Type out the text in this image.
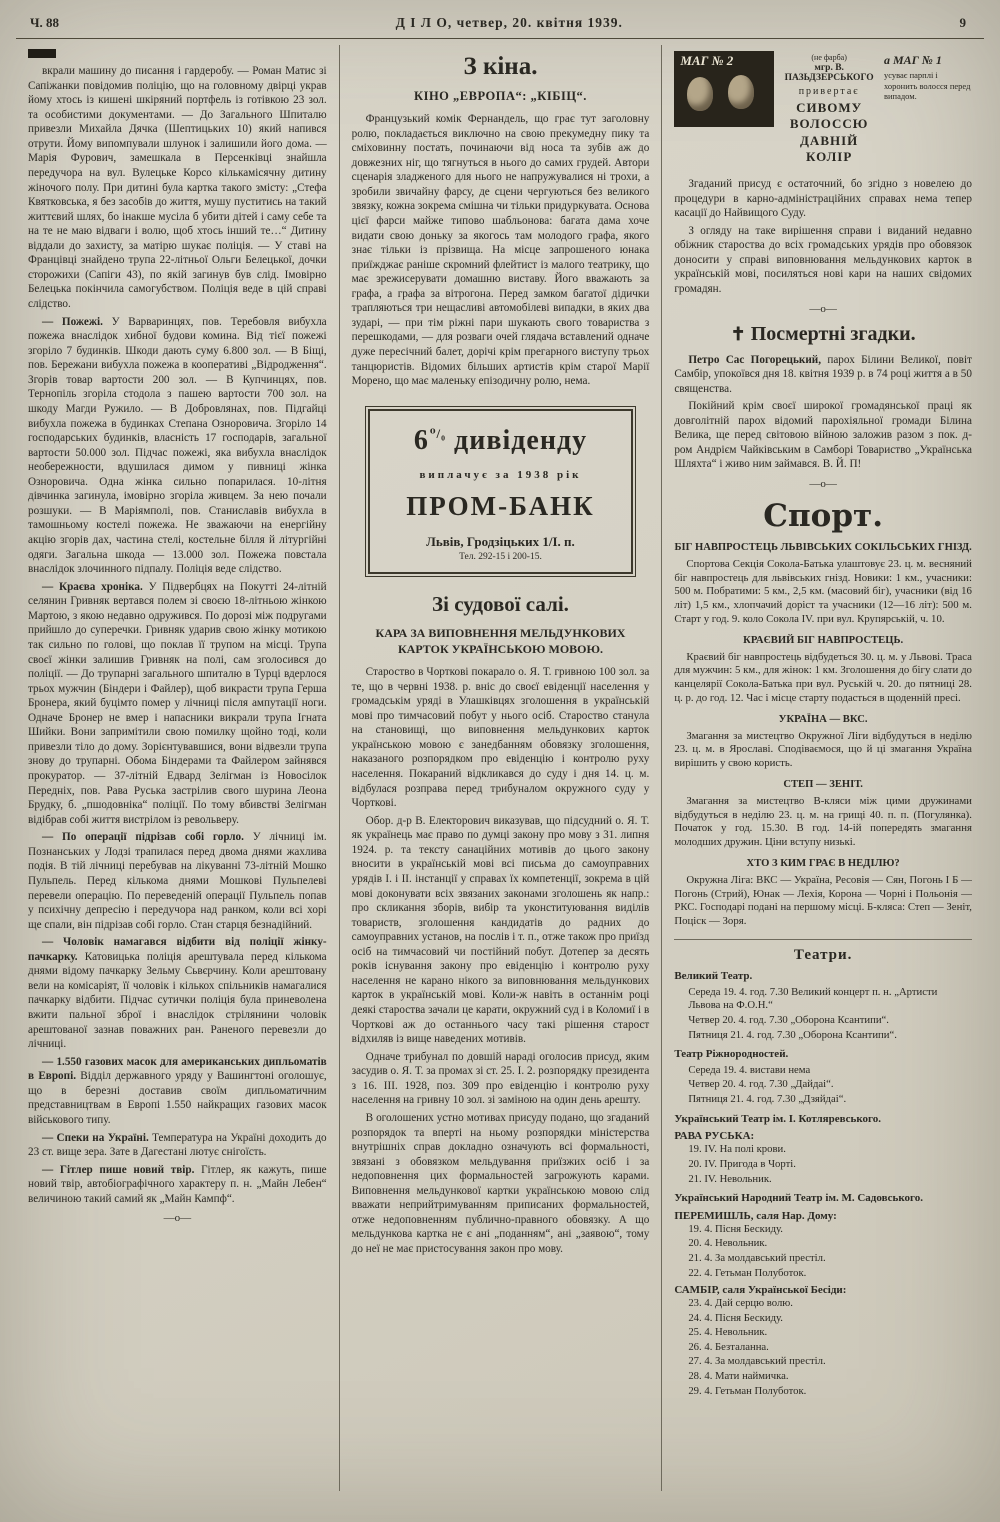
Ч. 88	Д І Л О, четвер, 20. квітня 1939.	9

вкрали машину до писання і гардеробу. — Роман Матис зі Сапіжанки повідомив поліцію, що на головному двірці украв йому хтось із кишені шкіряний портфель із готівкою 23 зол. та особистими документами. — До Загального Шпиталю привезли Михайла Дячка (Шептицьких 10) який напився отрути. Йому випомпували шлунок і залишили його дома. — Марія Фурович, замешкала в Персенківці знайшла передучора на вул. Вулецьке Корсо кількамісячну дитину жіночого полу. При дитині була картка такого змісту: „Стефа Квятковська, я без засобів до життя, мушу пуститись на такий життєвий шлях, бо інакше мусіла б убити дітей і саму себе та на те не маю відваги і волю, щоб хтось інший те…“ Дитину віддали до захисту, за матірю шукає поліція. — У ставі на Францівці знайдено трупа 22-літньої Ольги Белецької, дочки сторожихи (Сапіги 43), по якій загинув був слід. Імовірно Белецька покінчила самогубством. Поліція веде в цій справі слідство.

— Пожежі. У Варваринцях, пов. Теребовля вибухла пожежа внаслідок хибної будови комина. Від тієї пожежі згоріло 7 будинків. Шкоди дають суму 6.800 зол. — В Біщі, пов. Бережани вибухла пожежа в кооперативі „Відродження“. Згорів товар вартости 200 зол. — В Купчинцях, пов. Тернопіль згоріла стодола з пашею вартости 700 зол. на шкоду Магди Ружило. — В Добровлянах, пов. Підгайці вибухла пожежа в будинках Степана Озноровича. Згоріло 14 господарських будинків, власність 17 господарів, загальної вартости 50.000 зол. Підчас пожежі, яка вибухла внаслідок необережности, вдушилася димом у пивниці жінка Озноровича. Одна жінка сильно попарилася. 10-літня дівчинка загинула, імовірно згоріла живцем. За нею почали розшуки. — В Маріямполі, пов. Станиславів вибухла в тамошньому костелі пожежа. Не зважаючи на енергійну акцію згорів дах, частина стелі, костельне білля й літургійні одяги. Загальна шкода — 13.000 зол. Пожежа повстала внаслідок злочинного підпалу. Поліція веде слідство.

— Краєва хроніка. У Підвербцях на Покутті 24-літній селянин Гривняк вертався полем зі своєю 18-літньою жінкою Мартою, з якою недавно одружився. По дорозі між подругами прийшло до суперечки. Гривняк ударив свою жінку мотикою так сильно по голові, що поклав її трупом на місці. Трупа своєї жінки залишив Гривняк на полі, сам зголосився до поліції. — До трупарні загального шпиталю в Турці вдерлося трьох мужчин (Біндери і Файлер), щоб викрасти трупа Герша Бронера, який буцімто помер у лічниці після ампутації ноги. Одначе Бронер не вмер і напасники викрали трупа Ігната Шийки. Вони запримітили свою помилку щойно тоді, коли привезли тіло до дому. Зорієнтувавшися, вони відвезли трупа знову до трупарні. Обома Біндерами та Файлером зайнявся прокуратор. — 37-літній Едвард Зелігман із Новосілок Передніх, пов. Рава Руська застрілив свого шурина Леона Брудку, б. „пшодовніка“ поліції. По тому вбивстві Зелігман відібрав собі життя вистрілом із револьверу.

— По операції підрізав собі горло. У лічниці ім. Познанських у Лодзі трапилася перед двома днями жахлива подія. В тій лічниці перебував на лікуванні 73-літній Мошко Пульпель. Перед кількома днями Мошкові Пульпелеві перевели операцію. По переведеній операції Пульпель попав у психічну депресію і передучора над ранком, коли всі хорі ще спали, він підрізав собі горло. Стан старця безнадійний.

— Чоловік намагався відбити від поліції жінку-пачкарку. Катовицька поліція арештувала перед кількома днями відому пачкарку Зельму Сьвєрчину. Коли арештовану вели на комісаріят, її чоловік і кількох спільників намагалися пачкарку відбити. Підчас сутички поліція була приневолена вжити пальної зброї і внаслідок стрілянини чоловік арештованої зазнав поважних ран. Раненого перевезли до лічниці.

— 1.550 газових масок для американських дипльоматів в Европі. Відділ державного уряду у Вашингтоні оголошує, що в березні доставив своїм дипльоматичним представництвам в Европі 1.550 найкращих газових масок військового типу.

— Спеки на Україні. Температура на Україні доходить до 23 ст. вище зера. Зате в Дагестані лютує снігоїсть.

— Гітлер пише новий твір. Гітлер, як кажуть, пише новий твір, автобіографічного характеру п. н. „Майн Лебен“ величиною такий самий як „Майн Кампф“.

—о—
З кіна.
КІНО „ЕВРОПА“: „КІБІЦ“.

Французький комік Фернандель, що грає тут заголовну ролю, покладається виключно на свою прекумедну пику та сміховинну постать, починаючи від носа та зубів аж до довжезних ніг, що тягнуться в нього до самих грудей. Автори сценарія зладженого для нього не напружувалися ні трохи, а зробили звичайну фарсу, де сцени чергуються без великого звязку, кожна зокрема смішна чи тільки придуркувата. Основа цієї фарси майже типово шабльонова: багата дама хоче видати свою доньку за якогось там молодого графа, якого знає тільки із прізвища. На місце запрошеного юнака приїжджає раніше скромний флейтист із малого театрику, що має зрежисерувати домашню виставу. Його вважають за графа, а графа за вітрогона. Перед замком багатої дідички трапляються три нещасливі автомобілеві випадки, в яких два зударі, — при тім ріжні пари шукають свого товариства з перешкодами, — для розваги очей глядача вставлений одначе дуже пересічний балет, дорічі крім прегарного виступу трьох танцюристів. Відомих більших артистів крім старої Марії Морено, що має маленьку епізодичну ролю, нема.

$6^{^0/_0}$ дивіденду
виплачує за 1938 рік
ПРОМ-БАНК
Львів, Гродзіцьких 1/І. п.
Тел. 292-15 і 200-15.
Зі судової салі.
КАРА ЗА ВИПОВНЕННЯ МЕЛЬДУНКОВИХ КАРТОК УКРАЇНСЬКОЮ МОВОЮ.

Староство в Чорткові покарало о. Я. Т. гривною 100 зол. за те, що в червні 1938. р. вніс до своєї евіденції населення у громадськім уряді в Улашківцях зголошення в українській мові про тимчасовий побут у нього осіб. Староство станула на становищі, що виповнення мельдункових карток українською мовою є занедбанням обовязку зголошення, наказаного розпорядком про евіденцію і контролю руху населення. Покараний відкликався до суду і дня 14. ц. м. відбулася розправа перед трибуналом окружного суду у Чорткові.

Обор. д-р В. Електорович виказував, що підсудний о. Я. Т. як українець має право по думці закону про мову з 31. липня 1924. р. та тексту санаційних мотивів до цього закону вносити в українській мові всі письма до самоуправних урядів І. і ІІ. інстанції у справах їх компетенції, зокрема в цій мові доконувати всіх звязаних законами зголошень як напр.: про скликання зборів, вибір та уконституювання виділів товариств, зголошення кандидатів до радних до самоуправних установ, на послів і т. п., отже також про приїзд осіб на тимчасовий чи постійний побут. Дотепер за десять років існування закону про евіденцію і контролю руху населення не карано нікого за виповнювання мельдункових карток в українській мові. Коли-ж навіть в останнім році деякі староства зачали це карати, окружний суд і в Коломиї і в Чорткові аж до останнього часу такі рішення старост відхиляв із вище наведених мотивів.

Одначе трибунал по довшій нараді оголосив присуд, яким засудив о. Я. Т. за промах зі ст. 25. І. 2. розпорядку президента з 16. ІІІ. 1928, поз. 309 про евіденцію і контролю руху населення на гривну 10 зол. зі заміною на один день арешту.

В оголошених устно мотивах присуду подано, що згаданий розпорядок та вперті на ньому розпорядки міністерства внутрішніх справ докладно означують всі формальності, звязані з обовязком мельдування приїзжих осіб і за недоповнення цих формальностей загрожують карами. Виповнення мельдункової картки українською мовою слід вважати неприйтримуванням приписаних формальностей, отже недоповненням публично-правного обовязку. А що мельдункова картка не є ані „поданням“, ані „заявою“, тому до неї не має пристосування закон про мову.

МАГ № 2	(не фарба)
мгр. В. ПАЗЬДЗЕРСЬКОГО
привертає
СИВОМУ ВОЛОССЮ
ДАВНІЙ КОЛІР
а МАГ № 1
усуває парплі і хоронить волосся перед випадом.

Згаданий присуд є остаточний, бо згідно з новелею до процедури в карно-адміністраційних справах нема тепер касації до Найвищого Суду.

З огляду на таке вирішення справи і виданий недавно обіжник староства до всіх громадських урядів про обовязок доносити у справі виповнювання мельдункових карток в українській мові, посиляться нові кари на наших свідомих громадян.

—о—
✝ Посмертні згадки.

Петро Сас Погорецький, парох Білини Великої, повіт Самбір, упокоївся дня 18. квітня 1939 р. в 74 році життя а в 50 священства.

Покійний крім своєї широкої громадянської праці як довголітній парох відомий парохіяльної громади Білина Велика, ще перед світовою війною заложив разом з пок. д-ром Андрієм Чайківським в Самборі Товариство „Українська Шляхта“ і живо ним займався. В. Й. П!

—о—
Спорт.

БІГ НАВПРОСТЕЦЬ ЛЬВІВСЬКИХ СОКІЛЬСЬКИХ ГНІЗД.

Спортова Секція Сокола-Батька улаштовує 23. ц. м. весняний біг навпростець для львівських гнізд. Новики: 1 км., учасники: 500 м. Побратими: 5 км., 2,5 км. (масовий біг), учасники (від 16 літ) 1,5 км., хлопчачий доріст та учасники (12—16 літ): 500 м. Старт у год. 9. коло Сокола IV. при вул. Крупярській, ч. 10.

КРАЄВИЙ БІГ НАВПРОСТЕЦЬ.

Краєвий біг навпростець відбудеться 30. ц. м. у Львові. Траса для мужчин: 5 км., для жінок: 1 км. Зголошення до бігу слати до канцелярії Сокола-Батька при вул. Руській ч. 20. до пятниці 28. ц. р. до год. 12. Час і місце старту подасться в щоденній пресі.

УКРАЇНА — ВКС.

Змагання за мистецтво Окружної Ліги відбудуться в неділю 23. ц. м. в Ярославі. Сподіваємося, що й ці змагання Україна вирішить у свою користь.

СТЕП — ЗЕНІТ.

Змагання за мистецтво В-кляси між цими дружинами відбудуться в неділю 23. ц. м. на грищі 40. п. п. (Погулянка). Початок у год. 15.30. В год. 14-ій попередять змагання молодших дружин. Ціни вступу низькі.

ХТО З КИМ ГРАЄ В НЕДІЛЮ?

Окружна Ліга: ВКС — Україна, Ресовія — Сян, Погонь І Б — Погонь (Стрий), Юнак — Лехія, Корона — Чорні і Польонія — РКС. Господарі подані на першому місці. Б-кляса: Степ — Зеніт, Поціск — Зоря.

Театри.

Великий Театр.

Середа 19. 4. год. 7.30 Великий концерт п. н. „Артисти Львова на Ф.О.Н.“

Четвер 20. 4. год. 7.30 „Оборона Ксантипи“.

Пятниця 21. 4. год. 7.30 „Оборона Ксантипи“.

Театр Ріжнородностей.

Середа 19. 4. вистави нема

Четвер 20. 4. год. 7.30 „Дайдаі“.

Пятниця 21. 4. год. 7.30 „Дзяйдаі“.

Український Театр ім. І. Котляревського.

РАВА РУСЬКА:

19. IV. На полі крови.

20. IV. Пригода в Чорті.

21. IV. Невольник.

Український Народний Театр ім. М. Садовського.

ПЕРЕМИШЛЬ, саля Нар. Дому:

19. 4. Пісня Бескиду.

20. 4. Невольник.

21. 4. За молдавський престіл.

22. 4. Гетьман Полуботок.

САМБІР, саля Української Бесіди:

23. 4. Дай серцю волю.

24. 4. Пісня Бескиду.

25. 4. Невольник.

26. 4. Безталанна.

27. 4. За молдавський престіл.

28. 4. Мати наймичка.

29. 4. Гетьман Полуботок.
